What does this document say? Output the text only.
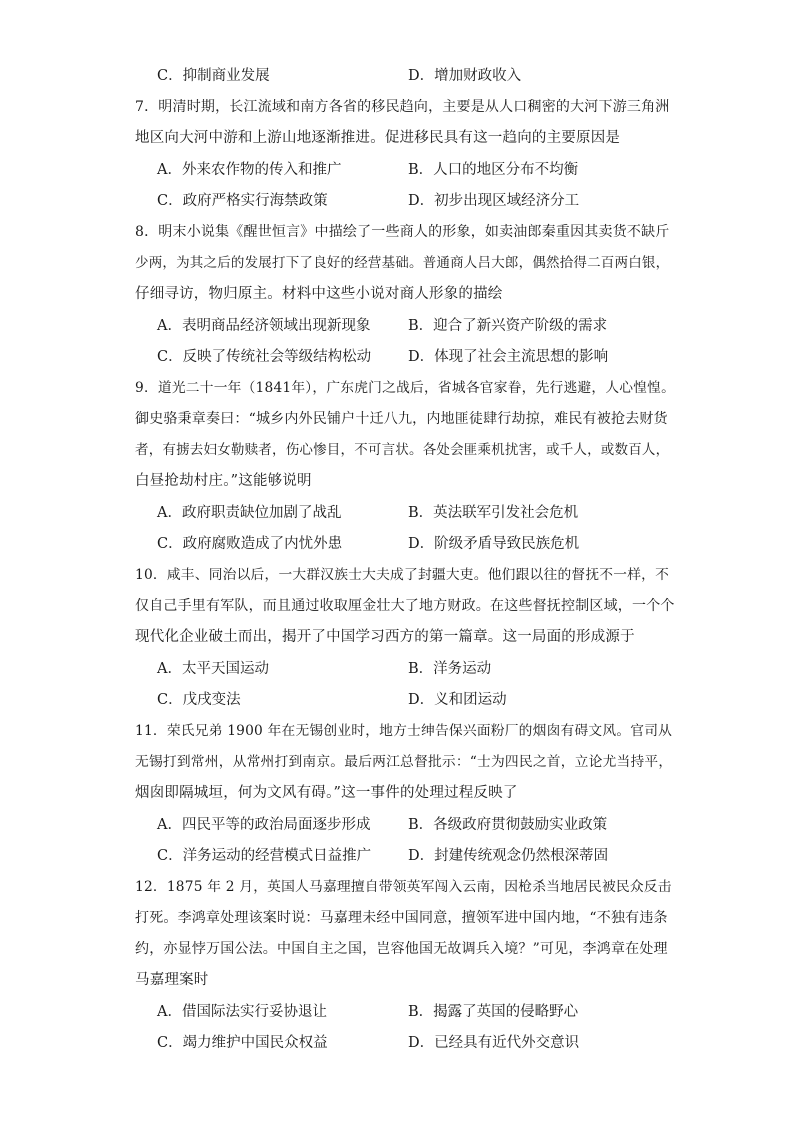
C．抑制商业发展	D．增加财政收入
7．明清时期，长江流域和南方各省的移民趋向，主要是从人口稠密的大河下游三角洲
地区向大河中游和上游山地逐渐推进。促进移民具有这一趋向的主要原因是
A．外来农作物的传入和推广	B．人口的地区分布不均衡
C．政府严格实行海禁政策	D．初步出现区域经济分工
8．明末小说集《醒世恒言》中描绘了一些商人的形象，如卖油郎秦重因其卖货不缺斤
少两，为其之后的发展打下了良好的经营基础。普通商人吕大郎，偶然拾得二百两白银，
仔细寻访，物归原主。材料中这些小说对商人形象的描绘
A．表明商品经济领域出现新现象	B．迎合了新兴资产阶级的需求
C．反映了传统社会等级结构松动	D．体现了社会主流思想的影响
9．道光二十一年（1841年），广东虎门之战后，省城各官家眷，先行逃避，人心惶惶。
御史骆秉章奏曰：“城乡内外民铺户十迁八九，内地匪徒肆行劫掠，难民有被抢去财货
者，有掳去妇女勒赎者，伤心惨目，不可言状。各处会匪乘机扰害，或千人，或数百人，
白昼抢劫村庄。”这能够说明
A．政府职责缺位加剧了战乱	B．英法联军引发社会危机
C．政府腐败造成了内忧外患	D．阶级矛盾导致民族危机
10．咸丰、同治以后，一大群汉族士大夫成了封疆大吏。他们跟以往的督抚不一样，不
仅自己手里有军队，而且通过收取厘金壮大了地方财政。在这些督抚控制区域，一个个
现代化企业破土而出，揭开了中国学习西方的第一篇章。这一局面的形成源于
A．太平天国运动	B．洋务运动
C．戊戌变法	D．义和团运动
11．荣氏兄弟 1900 年在无锡创业时，地方士绅告保兴面粉厂的烟囱有碍文风。官司从
无锡打到常州，从常州打到南京。最后两江总督批示：“士为四民之首，立论尤当持平，
烟囱即隔城垣，何为文风有碍。”这一事件的处理过程反映了
A．四民平等的政治局面逐步形成	B．各级政府贯彻鼓励实业政策
C．洋务运动的经营模式日益推广	D．封建传统观念仍然根深蒂固
12．1875 年 2 月，英国人马嘉理擅自带领英军闯入云南，因枪杀当地居民被民众反击
打死。李鸿章处理该案时说：马嘉理未经中国同意，擅领军进中国内地，“不独有违条
约，亦显悖万国公法。中国自主之国，岂容他国无故调兵入境？”可见，李鸿章在处理
马嘉理案时
A．借国际法实行妥协退让	B．揭露了英国的侵略野心
C．竭力维护中国民众权益	D．已经具有近代外交意识
